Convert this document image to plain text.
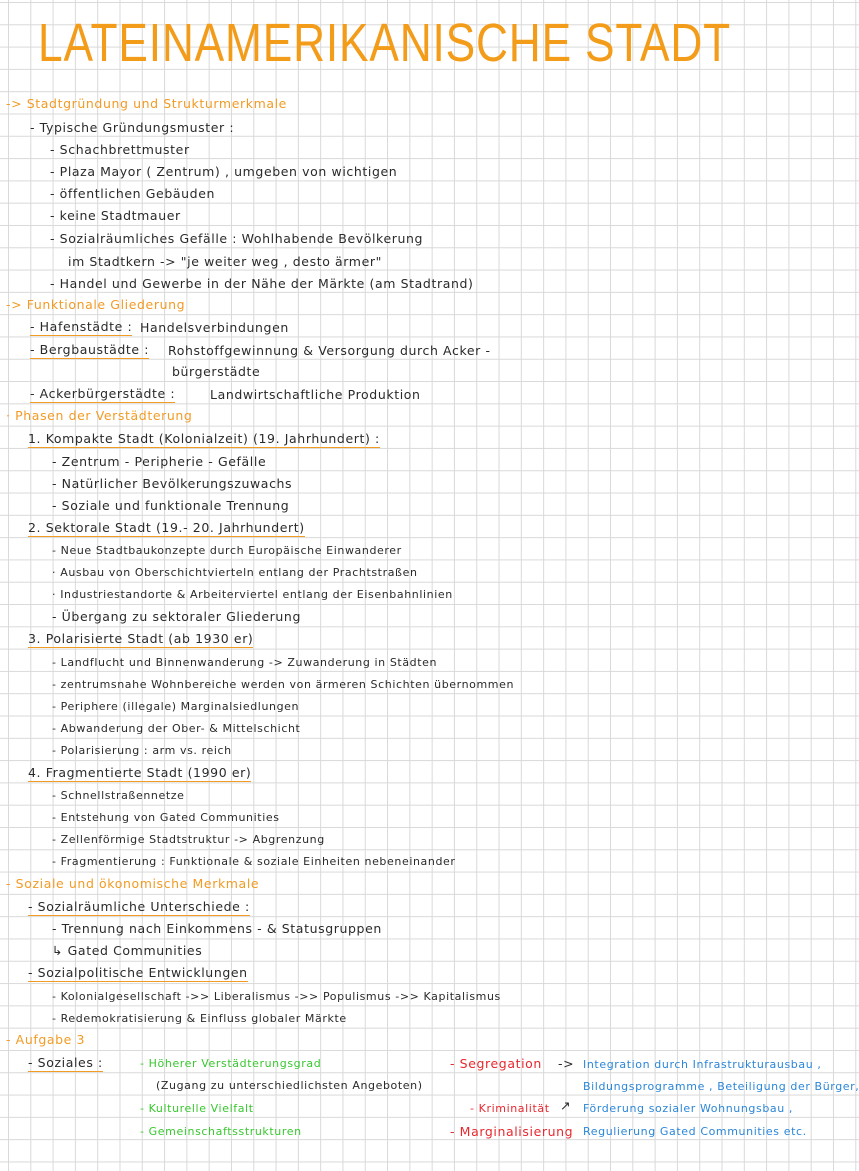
LATEINAMERIKANISCHE STADT
-> Stadtgründung und Strukturmerkmale
- Typische Gründungsmuster :
- Schachbrettmuster
- Plaza Mayor ( Zentrum) , umgeben von wichtigen
- öffentlichen Gebäuden
- keine Stadtmauer
- Sozialräumliches Gefälle : Wohlhabende Bevölkerung
im Stadtkern -> "je weiter weg , desto ärmer"
- Handel und Gewerbe in der Nähe der Märkte (am Stadtrand)
-> Funktionale Gliederung
- Hafenstädte : Handelsverbindungen
- Bergbaustädte : Rohstoffgewinnung & Versorgung durch Acker -
bürgerstädte
- Ackerbürgerstädte :	Landwirtschaftliche Produktion
· Phasen der Verstädterung
1. Kompakte Stadt (Kolonialzeit) (19. Jahrhundert) :
- Zentrum - Peripherie - Gefälle
- Natürlicher Bevölkerungszuwachs
- Soziale und funktionale Trennung
2. Sektorale Stadt (19.- 20. Jahrhundert)
- Neue Stadtbaukonzepte durch Europäische Einwanderer
· Ausbau von Oberschichtvierteln entlang der Prachtstraßen
· Industriestandorte & Arbeiterviertel entlang der Eisenbahnlinien
- Übergang zu sektoraler Gliederung
3. Polarisierte Stadt (ab 1930 er)
- Landflucht und Binnenwanderung -> Zuwanderung in Städten
- zentrumsnahe Wohnbereiche werden von ärmeren Schichten übernommen
- Periphere (illegale) Marginalsiedlungen
- Abwanderung der Ober- & Mittelschicht
- Polarisierung : arm vs. reich
4. Fragmentierte Stadt (1990 er)
- Schnellstraßennetze
- Entstehung von Gated Communities
- Zellenförmige Stadtstruktur -> Abgrenzung
- Fragmentierung : Funktionale & soziale Einheiten nebeneinander
- Soziale und ökonomische Merkmale
- Sozialräumliche Unterschiede :
- Trennung nach Einkommens - & Statusgruppen
↳ Gated Communities
- Sozialpolitische Entwicklungen
- Kolonialgesellschaft ->> Liberalismus ->> Populismus ->> Kapitalismus
- Redemokratisierung & Einfluss globaler Märkte
- Aufgabe 3
- Soziales :	- Höherer Verstädterungsgrad
(Zugang zu unterschiedlichsten Angeboten)
- Kulturelle Vielfalt
- Gemeinschaftsstrukturen
- Segregation
- Kriminalität
- Marginalisierung
->
↗
Integration durch Infrastrukturausbau ,
Bildungsprogramme , Beteiligung der Bürger,
Förderung sozialer Wohnungsbau ,
Regulierung Gated Communities etc.
